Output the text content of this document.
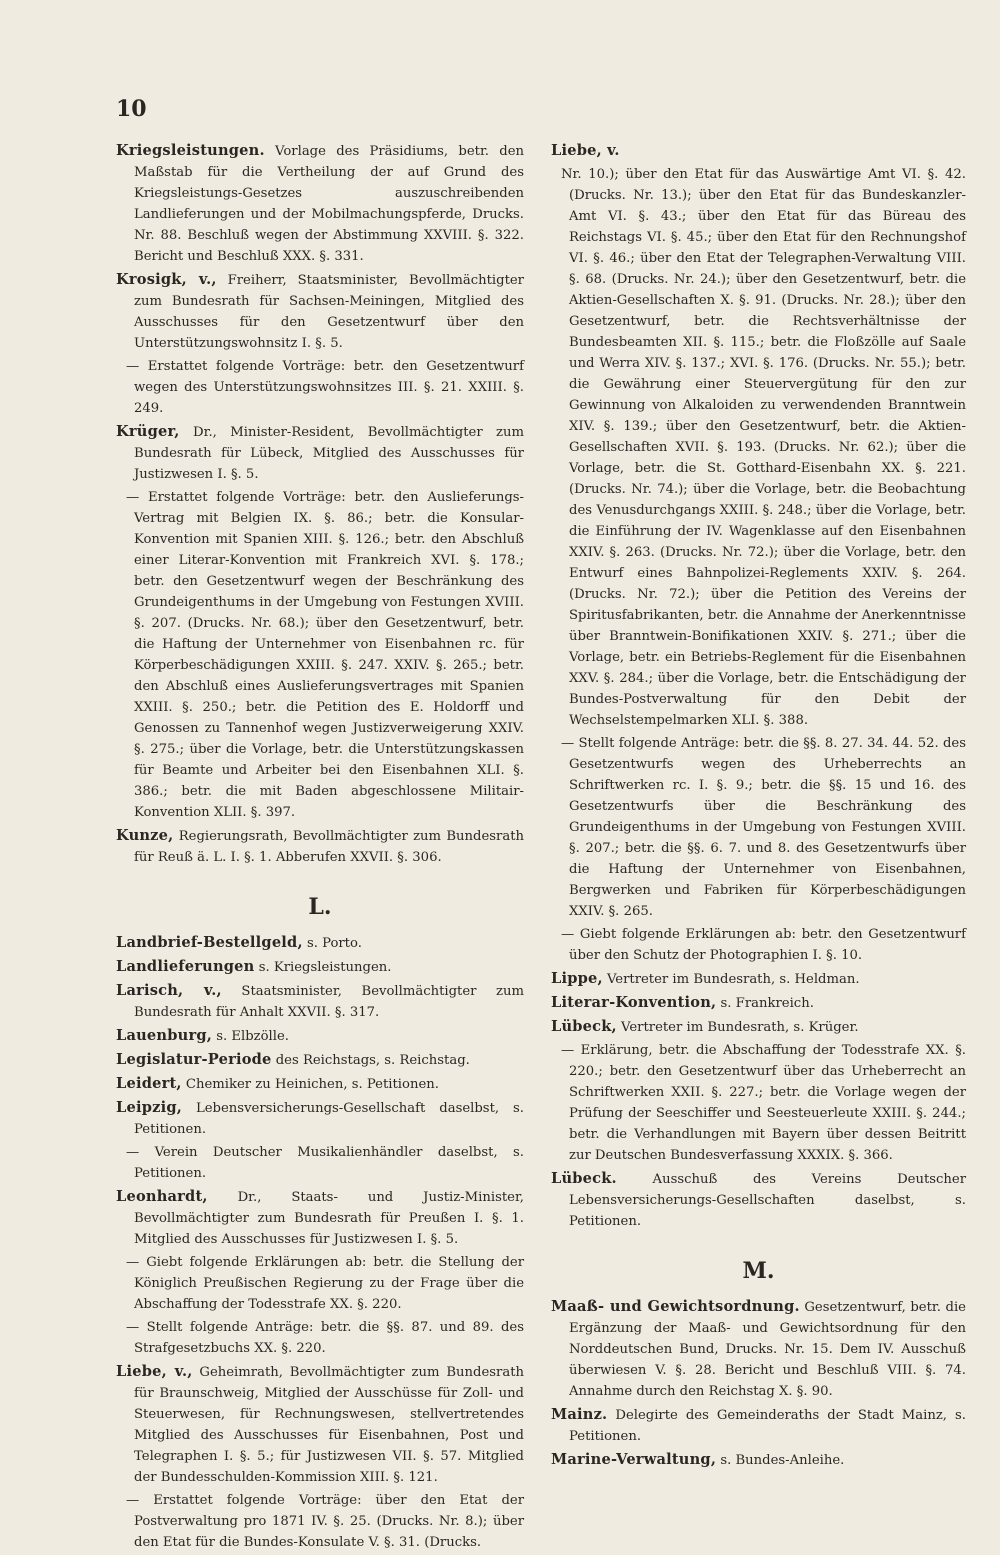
10
Kriegsleistungen. Vorlage des Präsidiums, betr. den Maßstab für die Vertheilung der auf Grund des Kriegsleistungs-Gesetzes auszuschreibenden Landlieferungen und der Mobilmachungspferde, Drucks. Nr. 88. Beschluß wegen der Abstimmung XXVIII. §. 322. Bericht und Beschluß XXX. §. 331.
Krosigk, v., Freiherr, Staatsminister, Bevollmächtigter zum Bundesrath für Sachsen-Meiningen, Mitglied des Ausschusses für den Gesetzentwurf über den Unterstützungswohnsitz I. §. 5.
— Erstattet folgende Vorträge: betr. den Gesetzentwurf wegen des Unterstützungswohnsitzes III. §. 21. XXIII. §. 249.
Krüger, Dr., Minister-Resident, Bevollmächtigter zum Bundesrath für Lübeck, Mitglied des Ausschusses für Justizwesen I. §. 5.
— Erstattet folgende Vorträge: betr. den Auslieferungs-Vertrag mit Belgien IX. §. 86.; betr. die Konsular-Konvention mit Spanien XIII. §. 126.; betr. den Abschluß einer Literar-Konvention mit Frankreich XVI. §. 178.; betr. den Gesetzentwurf wegen der Beschränkung des Grundeigenthums in der Umgebung von Festungen XVIII. §. 207. (Drucks. Nr. 68.); über den Gesetzentwurf, betr. die Haftung der Unternehmer von Eisenbahnen rc. für Körperbeschädigungen XXIII. §. 247. XXIV. §. 265.; betr. den Abschluß eines Auslieferungsvertrages mit Spanien XXIII. §. 250.; betr. die Petition des E. Holdorff und Genossen zu Tannenhof wegen Justizverweigerung XXIV. §. 275.; über die Vorlage, betr. die Unterstützungskassen für Beamte und Arbeiter bei den Eisenbahnen XLI. §. 386.; betr. die mit Baden abgeschlossene Militair-Konvention XLII. §. 397.
Kunze, Regierungsrath, Bevollmächtigter zum Bundesrath für Reuß ä. L. I. §. 1. Abberufen XXVII. §. 306.
L.
Landbrief-Bestellgeld, s. Porto.
Landlieferungen s. Kriegsleistungen.
Larisch, v., Staatsminister, Bevollmächtigter zum Bundesrath für Anhalt XXVII. §. 317.
Lauenburg, s. Elbzölle.
Legislatur-Periode des Reichstags, s. Reichstag.
Leidert, Chemiker zu Heinichen, s. Petitionen.
Leipzig, Lebensversicherungs-Gesellschaft daselbst, s. Petitionen.
— Verein Deutscher Musikalienhändler daselbst, s. Petitionen.
Leonhardt, Dr., Staats- und Justiz-Minister, Bevollmächtigter zum Bundesrath für Preußen I. §. 1. Mitglied des Ausschusses für Justizwesen I. §. 5.
— Giebt folgende Erklärungen ab: betr. die Stellung der Königlich Preußischen Regierung zu der Frage über die Abschaffung der Todesstrafe XX. §. 220.
— Stellt folgende Anträge: betr. die §§. 87. und 89. des Strafgesetzbuchs XX. §. 220.
Liebe, v., Geheimrath, Bevollmächtigter zum Bundesrath für Braunschweig, Mitglied der Ausschüsse für Zoll- und Steuerwesen, für Rechnungswesen, stellvertretendes Mitglied des Ausschusses für Eisenbahnen, Post und Telegraphen I. §. 5.; für Justizwesen VII. §. 57. Mitglied der Bundesschulden-Kommission XIII. §. 121.
— Erstattet folgende Vorträge: über den Etat der Postverwaltung pro 1871 IV. §. 25. (Drucks. Nr. 8.); über den Etat für die Bundes-Konsulate V. §. 31. (Drucks.
Liebe, v.
Nr. 10.); über den Etat für das Auswärtige Amt VI. §. 42. (Drucks. Nr. 13.); über den Etat für das Bundeskanzler-Amt VI. §. 43.; über den Etat für das Büreau des Reichstags VI. §. 45.; über den Etat für den Rechnungshof VI. §. 46.; über den Etat der Telegraphen-Verwaltung VIII. §. 68. (Drucks. Nr. 24.); über den Gesetzentwurf, betr. die Aktien-Gesellschaften X. §. 91. (Drucks. Nr. 28.); über den Gesetzentwurf, betr. die Rechtsverhältnisse der Bundesbeamten XII. §. 115.; betr. die Floßzölle auf Saale und Werra XIV. §. 137.; XVI. §. 176. (Drucks. Nr. 55.); betr. die Gewährung einer Steuervergütung für den zur Gewinnung von Alkaloiden zu verwendenden Branntwein XIV. §. 139.; über den Gesetzentwurf, betr. die Aktien-Gesellschaften XVII. §. 193. (Drucks. Nr. 62.); über die Vorlage, betr. die St. Gotthard-Eisenbahn XX. §. 221. (Drucks. Nr. 74.); über die Vorlage, betr. die Beobachtung des Venusdurchgangs XXIII. §. 248.; über die Vorlage, betr. die Einführung der IV. Wagenklasse auf den Eisenbahnen XXIV. §. 263. (Drucks. Nr. 72.); über die Vorlage, betr. den Entwurf eines Bahnpolizei-Reglements XXIV. §. 264. (Drucks. Nr. 72.); über die Petition des Vereins der Spiritusfabrikanten, betr. die Annahme der Anerkenntnisse über Branntwein-Bonifikationen XXIV. §. 271.; über die Vorlage, betr. ein Betriebs-Reglement für die Eisenbahnen XXV. §. 284.; über die Vorlage, betr. die Entschädigung der Bundes-Postverwaltung für den Debit der Wechselstempelmarken XLI. §. 388.
— Stellt folgende Anträge: betr. die §§. 8. 27. 34. 44. 52. des Gesetzentwurfs wegen des Urheberrechts an Schriftwerken rc. I. §. 9.; betr. die §§. 15 und 16. des Gesetzentwurfs über die Beschränkung des Grundeigenthums in der Umgebung von Festungen XVIII. §. 207.; betr. die §§. 6. 7. und 8. des Gesetzentwurfs über die Haftung der Unternehmer von Eisenbahnen, Bergwerken und Fabriken für Körperbeschädigungen XXIV. §. 265.
— Giebt folgende Erklärungen ab: betr. den Gesetzentwurf über den Schutz der Photographien I. §. 10.
Lippe, Vertreter im Bundesrath, s. Heldman.
Literar-Konvention, s. Frankreich.
Lübeck, Vertreter im Bundesrath, s. Krüger.
— Erklärung, betr. die Abschaffung der Todesstrafe XX. §. 220.; betr. den Gesetzentwurf über das Urheberrecht an Schriftwerken XXII. §. 227.; betr. die Vorlage wegen der Prüfung der Seeschiffer und Seesteuerleute XXIII. §. 244.; betr. die Verhandlungen mit Bayern über dessen Beitritt zur Deutschen Bundesverfassung XXXIX. §. 366.
Lübeck.	Ausschuß des Vereins Deutscher Lebensversicherungs-Gesellschaften daselbst, s. Petitionen.
M.
Maaß- und Gewichtsordnung. Gesetzentwurf, betr. die Ergänzung der Maaß- und Gewichtsordnung für den Norddeutschen Bund, Drucks. Nr. 15. Dem IV. Ausschuß überwiesen V. §. 28. Bericht und Beschluß VIII. §. 74. Annahme durch den Reichstag X. §. 90.
Mainz. Delegirte des Gemeinderaths der Stadt Mainz, s. Petitionen.
Marine-Verwaltung, s. Bundes-Anleihe.
